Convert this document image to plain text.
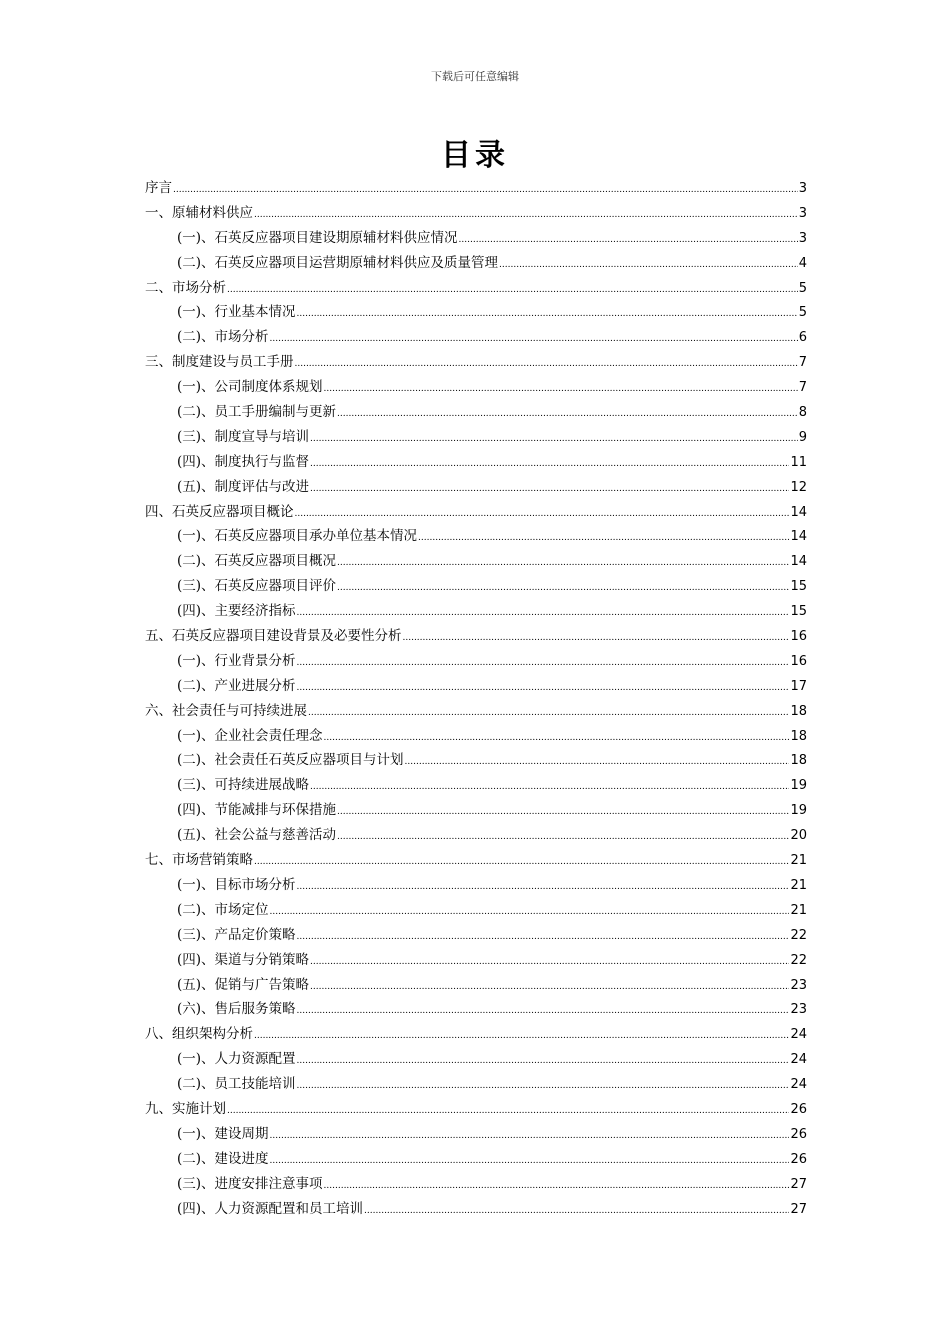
下载后可任意编辑
目录
序言 .....	3
一、原辅材料供应 .....	3
(一)、石英反应器项目建设期原辅材料供应情况 .....	3
(二)、石英反应器项目运营期原辅材料供应及质量管理 .....	4
二、市场分析 .....	5
(一)、行业基本情况 .....	5
(二)、市场分析 .....	6
三、制度建设与员工手册 .....	7
(一)、公司制度体系规划 .....	7
(二)、员工手册编制与更新 .....	8
(三)、制度宣导与培训 .....	9
(四)、制度执行与监督 .....	11
(五)、制度评估与改进 .....	12
四、石英反应器项目概论 .....	14
(一)、石英反应器项目承办单位基本情况 .....	14
(二)、石英反应器项目概况 .....	14
(三)、石英反应器项目评价 .....	15
(四)、主要经济指标 .....	15
五、石英反应器项目建设背景及必要性分析 .....	16
(一)、行业背景分析 .....	16
(二)、产业进展分析 .....	17
六、社会责任与可持续进展 .....	18
(一)、企业社会责任理念 .....	18
(二)、社会责任石英反应器项目与计划 .....	18
(三)、可持续进展战略 .....	19
(四)、节能减排与环保措施 .....	19
(五)、社会公益与慈善活动 .....	20
七、市场营销策略 .....	21
(一)、目标市场分析 .....	21
(二)、市场定位 .....	21
(三)、产品定价策略 .....	22
(四)、渠道与分销策略 .....	22
(五)、促销与广告策略 .....	23
(六)、售后服务策略 .....	23
八、组织架构分析 .....	24
(一)、人力资源配置 .....	24
(二)、员工技能培训 .....	24
九、实施计划 .....	26
(一)、建设周期 .....	26
(二)、建设进度 .....	26
(三)、进度安排注意事项 .....	27
(四)、人力资源配置和员工培训 .....	27
